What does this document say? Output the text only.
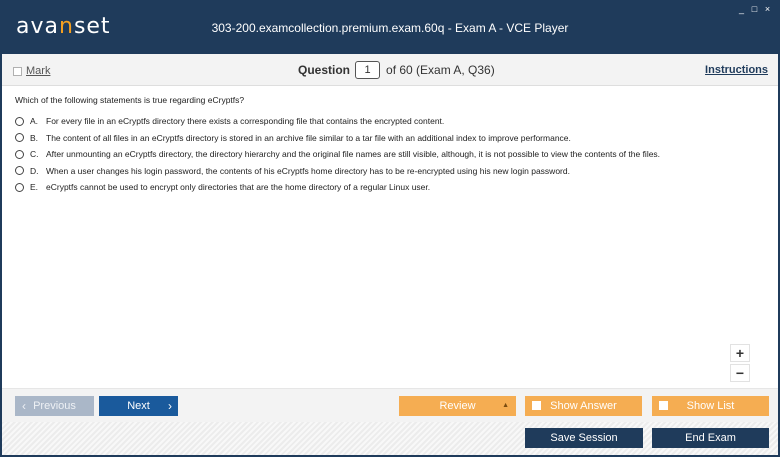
avanset	303-200.examcollection.premium.exam.60q - Exam A - VCE Player
_ □ ×
Mark	Question	1	of 60 (Exam A, Q36)	Instructions
Which of the following statements is true regarding eCryptfs?
A. For every file in an eCryptfs directory there exists a corresponding file that contains the encrypted content.
B. The content of all files in an eCryptfs directory is stored in an archive file similar to a tar file with an additional index to improve performance.
C. After unmounting an eCryptfs directory, the directory hierarchy and the original file names are still visible, although, it is not possible to view the contents of the files.
D. When a user changes his login password, the contents of his eCryptfs home directory has to be re-encrypted using his new login password.
E. eCryptfs cannot be used to encrypt only directories that are the home directory of a regular Linux user.
+
−
‹ Previous	Next ›	Review	▲	Show Answer	Show List
Save Session	End Exam
